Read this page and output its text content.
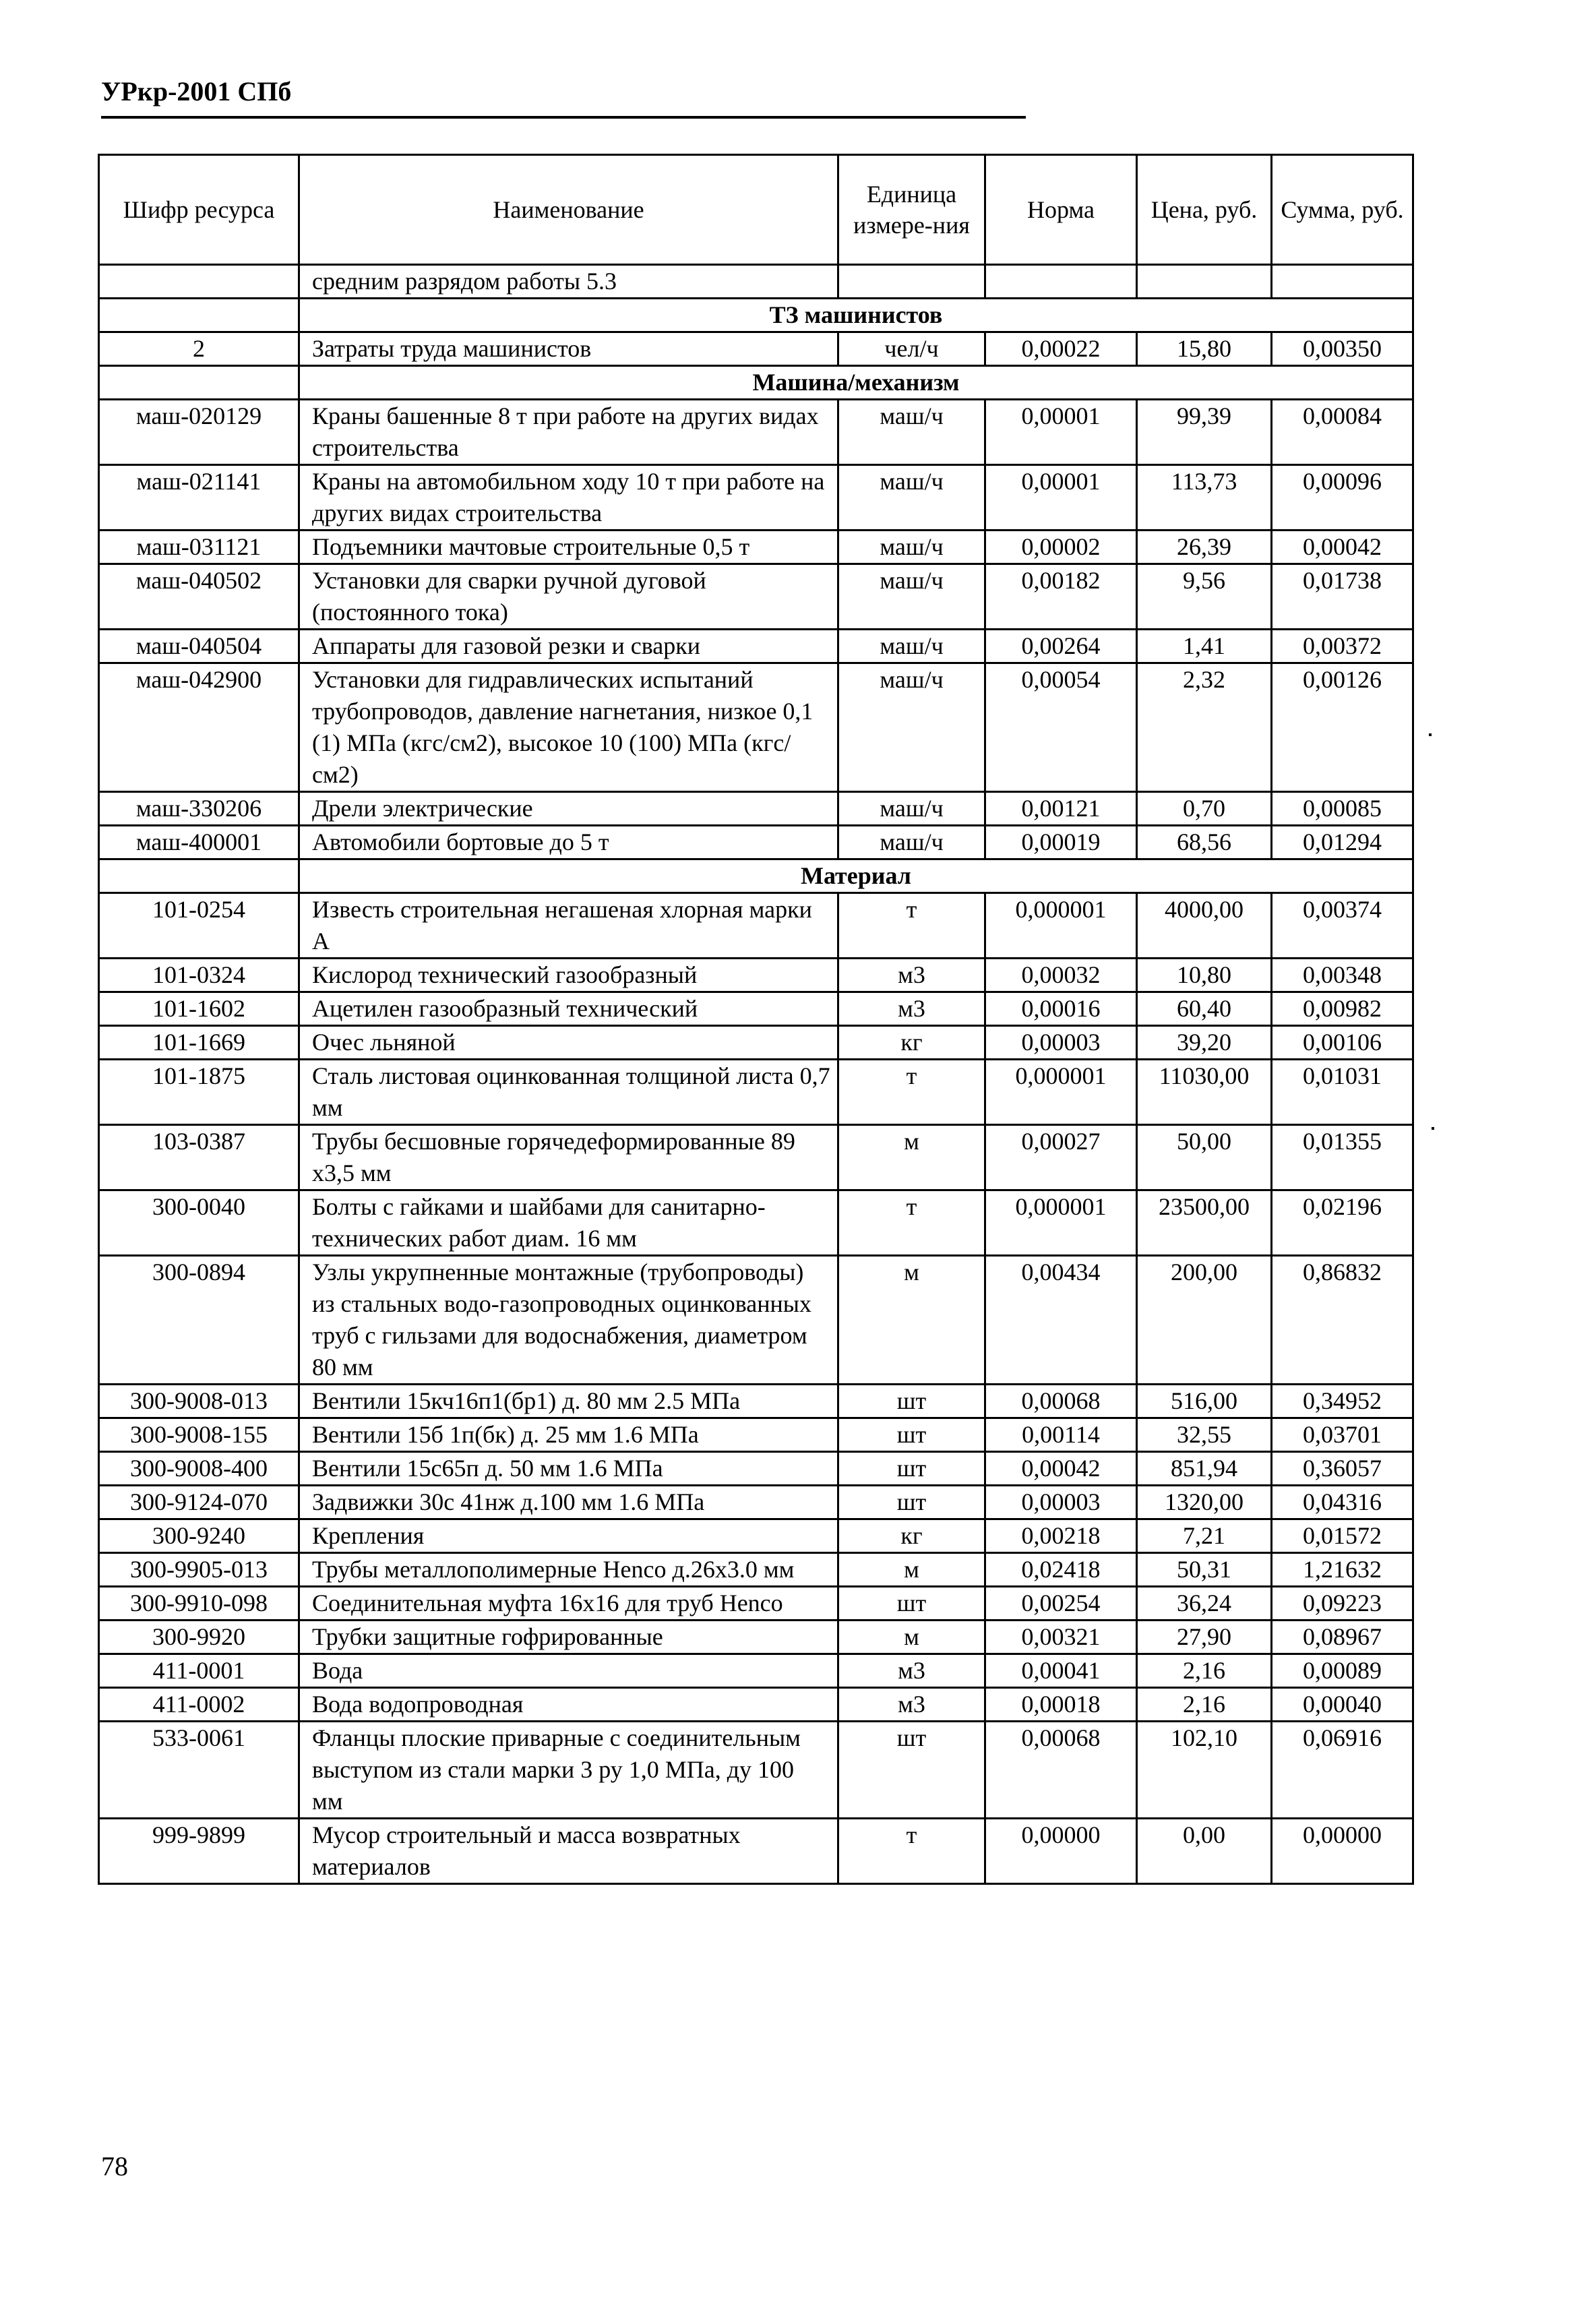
УРкр-2001 СПб
Шифр ресурса	Наименование	Единица измере-ния	Норма	Цена, руб.	Сумма, руб.
	средним разрядом работы 5.3				
	ТЗ машинистов				
2	Затраты труда машинистов	чел/ч	0,00022	15,80	0,00350
	Машина/механизм				
маш-020129	Краны башенные 8 т при работе на других видах строительства	маш/ч	0,00001	99,39	0,00084
маш-021141	Краны на автомобильном ходу 10 т при работе на других видах строительства	маш/ч	0,00001	113,73	0,00096
маш-031121	Подъемники мачтовые строительные 0,5 т	маш/ч	0,00002	26,39	0,00042
маш-040502	Установки для сварки ручной дуговой (постоянного тока)	маш/ч	0,00182	9,56	0,01738
маш-040504	Аппараты для газовой резки и сварки	маш/ч	0,00264	1,41	0,00372
маш-042900	Установки для гидравлических испытаний трубопроводов, давление нагнетания, низкое 0,1 (1) МПа (кгс/см2), высокое 10 (100) МПа (кгс/см2)	маш/ч	0,00054	2,32	0,00126
маш-330206	Дрели электрические	маш/ч	0,00121	0,70	0,00085
маш-400001	Автомобили бортовые до 5 т	маш/ч	0,00019	68,56	0,01294
	Материал				
101-0254	Известь строительная негашеная хлорная марки А	т	0,000001	4000,00	0,00374
101-0324	Кислород технический газообразный	м3	0,00032	10,80	0,00348
101-1602	Ацетилен газообразный технический	м3	0,00016	60,40	0,00982
101-1669	Очес льняной	кг	0,00003	39,20	0,00106
101-1875	Сталь листовая оцинкованная толщиной листа 0,7 мм	т	0,000001	11030,00	0,01031
103-0387	Трубы бесшовные горячедеформированные 89 х3,5 мм	м	0,00027	50,00	0,01355
300-0040	Болты с гайками и шайбами для санитарно-технических работ диам. 16 мм	т	0,000001	23500,00	0,02196
300-0894	Узлы укрупненные монтажные (трубопроводы) из стальных водо-газопроводных оцинкованных труб с гильзами для водоснабжения, диаметром 80 мм	м	0,00434	200,00	0,86832
300-9008-013	Вентили 15кч16п1(бр1) д. 80 мм 2.5 МПа	шт	0,00068	516,00	0,34952
300-9008-155	Вентили 15б 1п(бк) д. 25 мм 1.6 МПа	шт	0,00114	32,55	0,03701
300-9008-400	Вентили 15с65п д. 50 мм 1.6 МПа	шт	0,00042	851,94	0,36057
300-9124-070	Задвижки 30с 41нж д.100 мм 1.6 МПа	шт	0,00003	1320,00	0,04316
300-9240	Крепления	кг	0,00218	7,21	0,01572
300-9905-013	Трубы металлополимерные Henco д.26х3.0 мм	м	0,02418	50,31	1,21632
300-9910-098	Соединительная муфта 16х16 для труб Henco	шт	0,00254	36,24	0,09223
300-9920	Трубки защитные гофрированные	м	0,00321	27,90	0,08967
411-0001	Вода	м3	0,00041	2,16	0,00089
411-0002	Вода водопроводная	м3	0,00018	2,16	0,00040
533-0061	Фланцы плоские приварные с соединительным выступом из стали марки 3 ру 1,0 МПа, ду 100 мм	шт	0,00068	102,10	0,06916
999-9899	Мусор строительный и масса возвратных материалов	т	0,00000	0,00	0,00000
78
